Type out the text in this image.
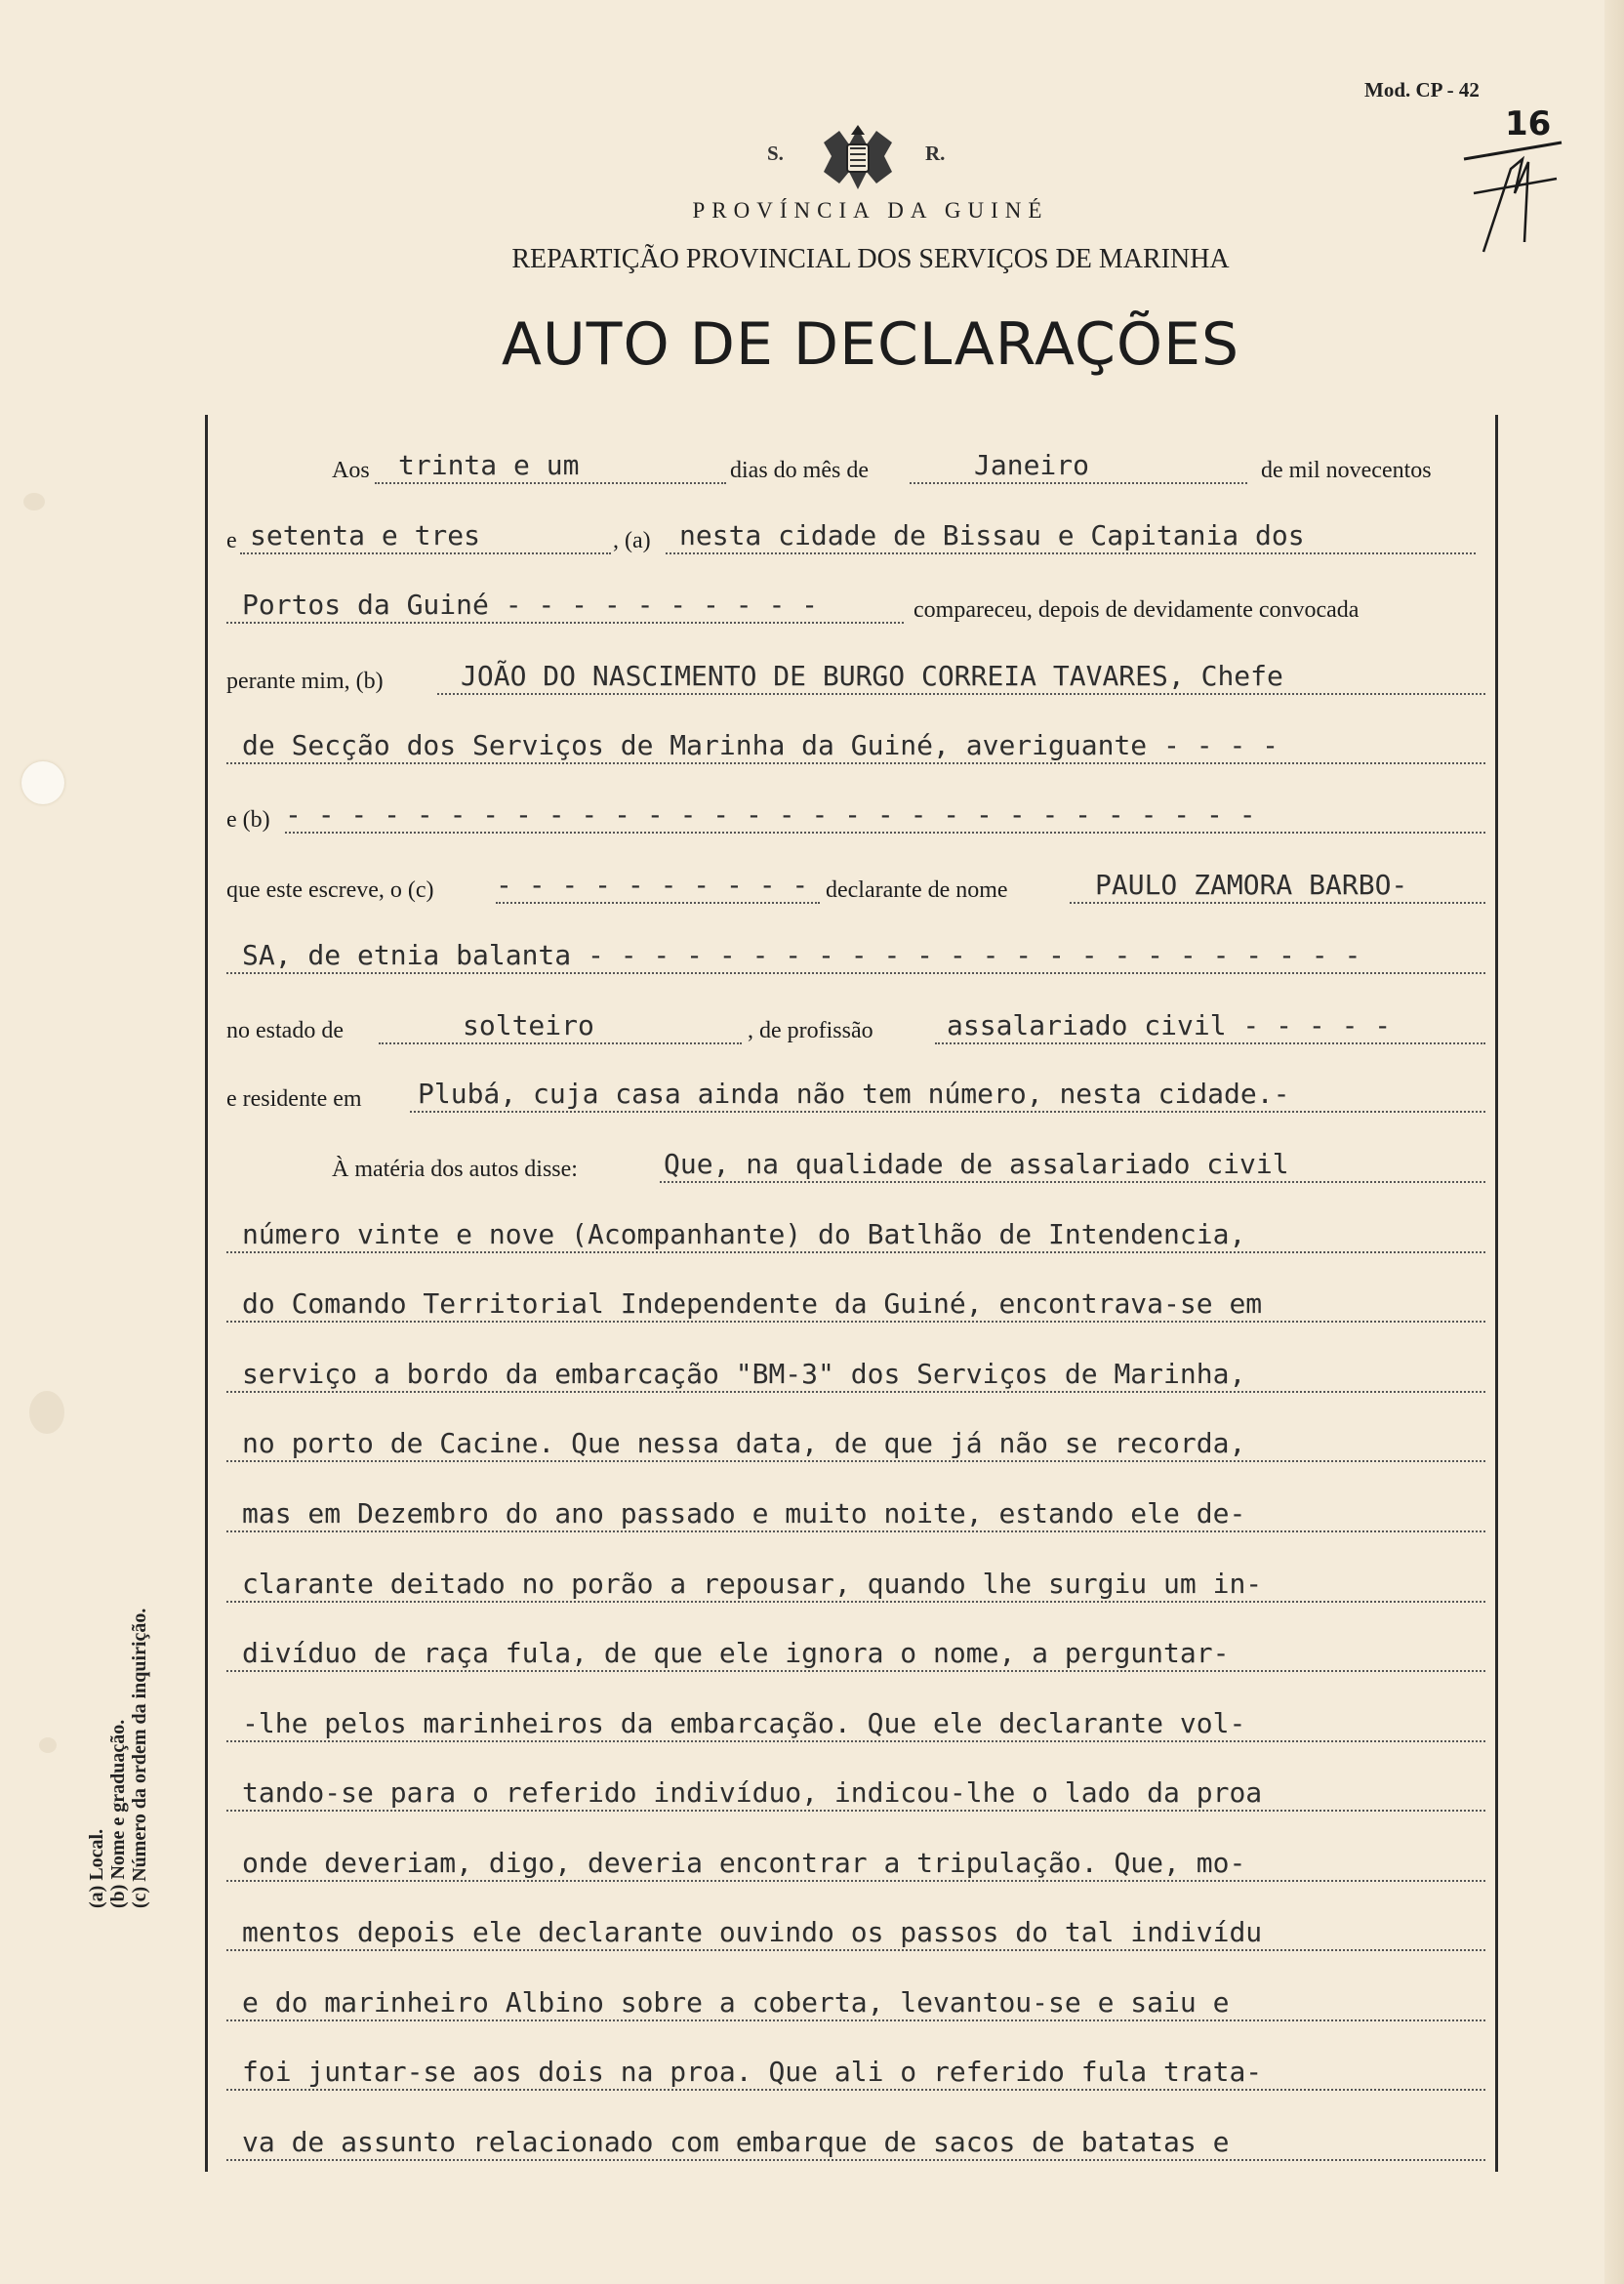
Mod. CP - 42
16
S.	R.
PROVÍNCIA DA GUINÉ
REPARTIÇÃO PROVINCIAL DOS SERVIÇOS DE MARINHA
AUTO DE DECLARAÇÕES
Aos	trinta e um	dias do mês de	Janeiro	de mil novecentos
e setenta e tres	, (a)	nesta cidade de Bissau e Capitania dos
Portos da Guiné - - - - - - - - - -	compareceu, depois de devidamente convocada
perante mim, (b)	JOÃO DO NASCIMENTO DE BURGO CORREIA TAVARES, Chefe
de Secção dos Serviços de Marinha da Guiné, averiguante - - - -
e (b) - - - - - - - - - - - - - - - - - - - - - - - - - - - - - -
que este escreve, o (c) - - - - - - - - - - declarante de nome	PAULO ZAMORA BARBO-
SA, de etnia balanta - - - - - - - - - - - - - - - - - - - - - - - -
no estado de	solteiro	, de profissão	assalariado civil - - - - -
e residente em Plubá, cuja casa ainda não tem número, nesta cidade.-
À matéria dos autos disse:	Que, na qualidade de assalariado civil
número vinte e nove (Acompanhante) do Batlhão de Intendencia,
do Comando Territorial Independente da Guiné, encontrava-se em
serviço a bordo da embarcação "BM-3" dos Serviços de Marinha,
no porto de Cacine. Que nessa data, de que já não se recorda,
mas em Dezembro do ano passado e muito noite, estando ele de-
clarante deitado no porão a repousar, quando lhe surgiu um in-
divíduo de raça fula, de que ele ignora o nome, a perguntar-
-lhe pelos marinheiros da embarcação. Que ele declarante vol-
tando-se para o referido indivíduo, indicou-lhe o lado da proa
onde deveriam, digo, deveria encontrar a tripulação. Que, mo-
mentos depois ele declarante ouvindo os passos do tal indivídu
e do marinheiro Albino sobre a coberta, levantou-se e saiu e
foi juntar-se aos dois na proa. Que ali o referido fula trata-
va de assunto relacionado com embarque de sacos de batatas e
(a) Local. (b) Nome e graduação. (c) Número da ordem da inquirição.
